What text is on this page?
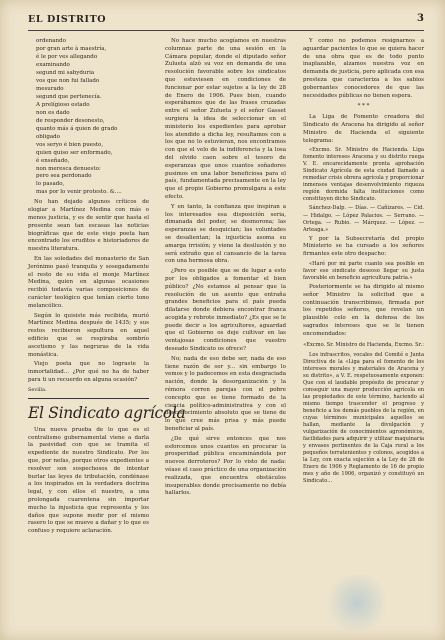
EL DISTRITO	3
ordenando
por gran arte à maestría,
é le por ves allegando
examinando
segund mi sabyduria
vos que non fui fallado
mesurado
segund que pertenecía.
A prelígioso estado
non es dado
de responder desonesto,
quanto más á quien de grado
obligado
vos seryo é bien puesto,
quien quiso ser enformado,
é enseñado,
non meresca denuesto:
pero sea perdonado
lo pasado,
mas por lo venir protesto. &....

No han dejado algunos críticos de elogiar a Martínez Medina con más o menos justicia, y es de sentir que hasta el presente sean tan escasas las noticias biográficas que de este viejo poeta han encontrado los eruditos e historiadores de nuestra literatura.

En las soledades del monasterio de San Jerónimo pasó tranquila y sosegadamente el resto de su vida el monje Martínez Medina, quien en algunas ocasiones recibió todavía varias composiciones de carácter teológico que tenían cierto tono melancólico.

Según lo quisiste más recibida, murió Martínez Medina después de 1435; y sus restos recibieron sepultura en aquel edificio que se respiraba sombrío ascetismo y las negruras de la vida monástica.

Viejo poeta que no lograste la inmortalidad... ¿Por qué no ha de haber para ti un recuerdo en alguna ocasión?

Sevilla.
El Sindicato agrícola

Una nueva prueba de lo que es el centralismo gubernamental viene a darla la pasividad con que se tramita el expediente de nuestro Sindicato. Por los que, por nefas, porque otros expedientes a resolver son sospechosos de intentar burlar las leyes de tributación, condénase a los inspirados en la verdadera doctrina legal, y con ellos el nuestro, a una prolongada cuarentena sin importar mucho la injusticia que representa y los daños que supone medir por el mismo rasero lo que se mueve a dañar y lo que es confuso y requiere aclaración.

No hace mucho acogíamos en nuestras columnas parte de una sesión en la Cámara popular, donde el diputado señor Zulueta alzó su voz en demanda de una resolución favorable sobre los sindicatos que estuviesen en condiciones de funcionar por estar sujetos a la ley de 28 de Enero de 1906. Pues bien, cuando esperábamos que de las frases cruzadas entre el señor Zulueta y el señor Gasset surgiera la idea de seleccionar en el ministerio los expedientes para aprobar los atendido a dicha ley, resultamos con a los que no lo estuvieran, nos encontramos con que el velo de la indiferencia y la losa del olvido caen sobre el tesoro de esperanzas que unos cuantos soñadores pusimos en una labor beneficiosa para el país, fundamentada precisamente en la ley que el propio Gobierno promulgara a este efecto.

Y en tanto, la confianza que inspiran a los interesados esa disposición seria, dimanada del poder, se desmorona; las esperanzas se desquician; las voluntades se desalientan; la injusticia asoma su amarga irrisión; y viene la desilusión y no será extraño que el cansancio de la tarea con una hermosa obra.

¿Pero es posible que se de lugar a esto por los obligados a fomentar el bien público? ¿No estamos al pensar que la resolución de un asunto que entraña grandes beneficios para el país pueda dilatarse donde debiera encontrar franca acogida y rebrote inmediato? ¿Es que se le puede decir a los agricultores, aguardad que el Gobierno os deje cultivar en las ventajosas condiciones que vuestro deseado Sindicato os ofrece?

No; nada de eso debe ser, nada de eso tiene razón de ser y... sin embargo lo vemos y lo padecemos en esta desgraciada nación, donde la desorganización y la rémora corren parejas con el pobre concepto que se tiene formado de la ciencia político-administrativa y con el desconocimiento absoluto que se tiene de lo que cree más prisa y más puede beneficiar al país.

¿De qué sirve entonces que nos esforcemos unos cuantos en procurar la prosperidad pública encaminándola por nuevos derroteros? Por lo visto de nada: véase el caso práctico de una organización realizada, que encuentra obstáculos insuperables donde precisamente no debía hallarlos.

Y como no podemos resignarnos a aguardar pacientes lo que se quiera hacer de una obra que es de todo punto inaplazable, alzamos nuestra voz en demanda de justicia, pero aplicada con esa presteza que caracteriza a los sabios gobernantes conocedores de que las necesidades públicas no tienen espera.

* * *

La Liga de Fomento creadora del Sindicato de Aracena ha dirigido al señor Ministro de Hacienda el siguiente telegrama:

«Excmo. Sr. Ministro de Hacienda. Liga fomento intereses Aracena y su distrito ruega V. E. encarecidamente pronta aprobación Sindicato Agrícola de esta ciudad llamado a remediar crisis obrera agrícola y proporcionar inmensos ventajas desenvolvimiento riqueza región dormida falta instituciones como constituyen dicho Sindicato.

Sánchez-Dalp. — Días. — Cañizares. — Cid. — Hidalgo. — López Palacios. — Serrano. — Ortega. — Rubio. — Márquez. — López. — Arteaga.»

Y por la Subsecretaría del propio Ministerio se ha cursado a los señores firmantes este otro despacho:

«Haré por mi parte cuanto sea posible en favor ese sindicato deseoso llegar su justa favorable en beneficio agricultura patria.»

Posteriormente se ha dirigido al mismo señor Ministro la solicitud que a continuación transcribimos, firmada por los repetidos señores, que revelan un plausible celo en la defensa de los sagrados intereses que se le tienen encomendados:

«Excmo. Sr. Ministro de Hacienda, Excmo. Sr.:

Los infrascritos, vocales del Comité e Junta Directiva de la «Liga para el fomento de los intereses morales y materiales de Aracena y su distrito», a V. E. respetuosamente exponen: Que con el laudable propósito de procurar y conseguir una mayor producción agrícola en las propiedades de este término, haciendo al mismo tiempo trascender el progreso y beneficio a los demás pueblos de la región, en cuyas términos municipales aquellos se hallan, mediante la divulgación y vulgarización de conocimientos agronómicos, facilidades para adquirir y utilizar maquinaria y envases pertinentes de la Caja rural a los pequeños terratenientes y colonos, acogidos a la Ley, con exacta sujeción a la Ley de 28 de Enero de 1906 y Reglamento de 16 de propio mes y año de 1906, organizó y constituyó un Sindicato...
